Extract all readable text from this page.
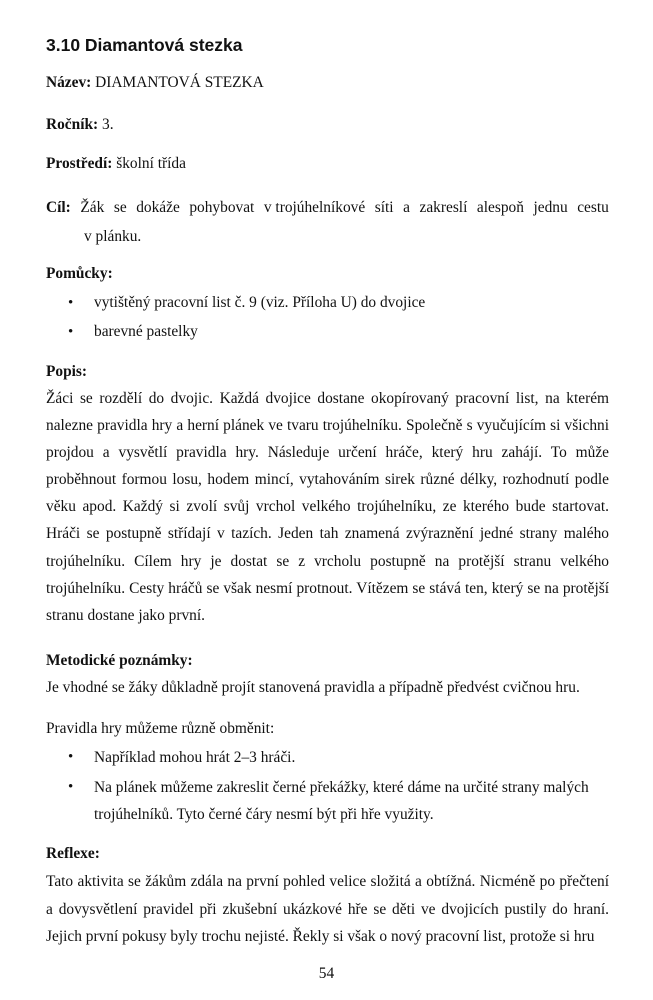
3.10 Diamantová stezka
Název: DIAMANTOVÁ STEZKA
Ročník: 3.
Prostředí: školní třída
Cíl: Žák se dokáže pohybovat v trojúhelníkové síti a zakreslí alespoň jednu cestu
v plánku.
Pomůcky:
• vytištěný pracovní list č. 9 (viz. Příloha U) do dvojice
• barevné pastelky
Popis:

Žáci se rozdělí do dvojic. Každá dvojice dostane okopírovaný pracovní list, na kterém nalezne pravidla hry a herní plánek ve tvaru trojúhelníku. Společně s vyučujícím si všichni projdou a vysvětlí pravidla hry. Následuje určení hráče, který hru zahájí. To může proběhnout formou losu, hodem mincí, vytahováním sirek různé délky, rozhodnutí podle věku apod. Každý si zvolí svůj vrchol velkého trojúhelníku, ze kterého bude startovat. Hráči se postupně střídají v tazích. Jeden tah znamená zvýraznění jedné strany malého trojúhelníku. Cílem hry je dostat se z vrcholu postupně na protější stranu velkého trojúhelníku. Cesty hráčů se však nesmí protnout. Vítězem se stává ten, který se na protější stranu dostane jako první.

Metodické poznámky:
Je vhodné se žáky důkladně projít stanovená pravidla a případně předvést cvičnou hru.
Pravidla hry můžeme různě obměnit:
• Například mohou hrát 2–3 hráči.
• Na plánek můžeme zakreslit černé překážky, které dáme na určité strany malých
trojúhelníků. Tyto černé čáry nesmí být při hře využity.
Reflexe:

Tato aktivita se žákům zdála na první pohled velice složitá a obtížná. Nicméně po přečtení a dovysvětlení pravidel při zkušební ukázkové hře se děti ve dvojicích pustily do hraní. Jejich první pokusy byly trochu nejisté. Řekly si však o nový pracovní list, protože si hru

54
